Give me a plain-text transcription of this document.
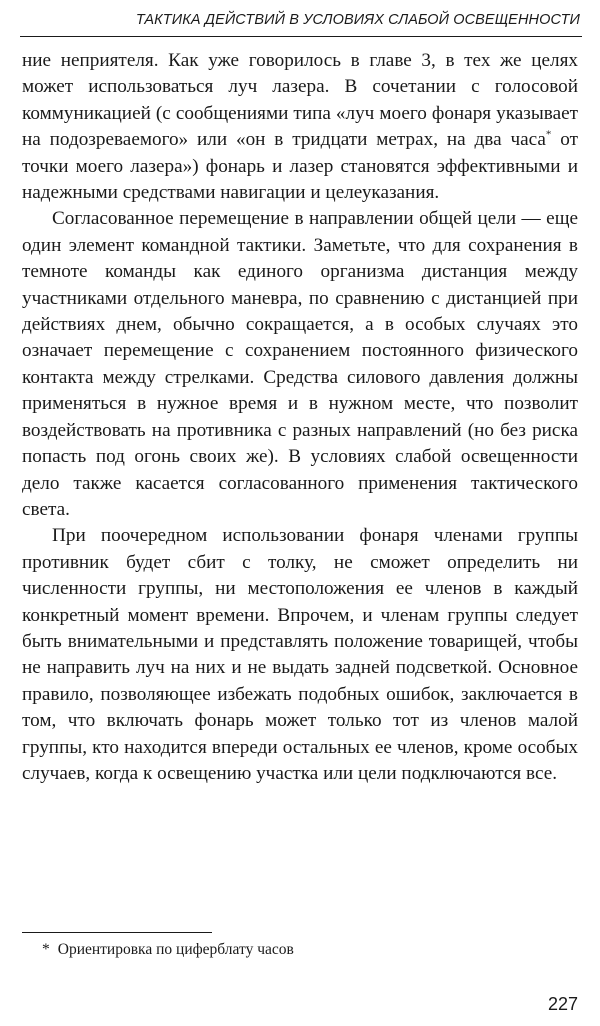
ТАКТИКА ДЕЙСТВИЙ В УСЛОВИЯХ СЛАБОЙ ОСВЕЩЕННОСТИ

ние неприятеля. Как уже говорилось в главе 3, в тех же целях может использоваться луч лазера. В сочетании с голосовой коммуникацией (с сообщениями типа «луч моего фонаря указывает на подозреваемого» или «он в тридцати метрах, на два часа* от точки моего лазера») фонарь и лазер становятся эффективными и надежными средствами навигации и целеуказания.

Согласованное перемещение в направлении общей цели — еще один элемент командной тактики. Заметьте, что для сохранения в темноте команды как единого организма дистанция между участниками отдельного маневра, по сравнению с дистанцией при действиях днем, обычно сокращается, а в особых случаях это означает перемещение с сохранением постоянного физического контакта между стрелками. Средства силового давления должны применяться в нужное время и в нужном месте, что позволит воздействовать на противника с разных направлений (но без риска попасть под огонь своих же). В условиях слабой освещенности дело также касается согласованного применения тактического света.

При поочередном использовании фонаря членами группы противник будет сбит с толку, не сможет определить ни численности группы, ни местоположения ее членов в каждый конкретный момент времени. Впрочем, и членам группы следует быть внимательными и представлять положение товарищей, чтобы не направить луч на них и не выдать задней подсветкой. Основное правило, позволяющее избежать подобных ошибок, заключается в том, что включать фонарь может только тот из членов малой группы, кто находится впереди остальных ее членов, кроме особых случаев, когда к освещению участка или цели подключаются все.

* Ориентировка по циферблату часов
227
